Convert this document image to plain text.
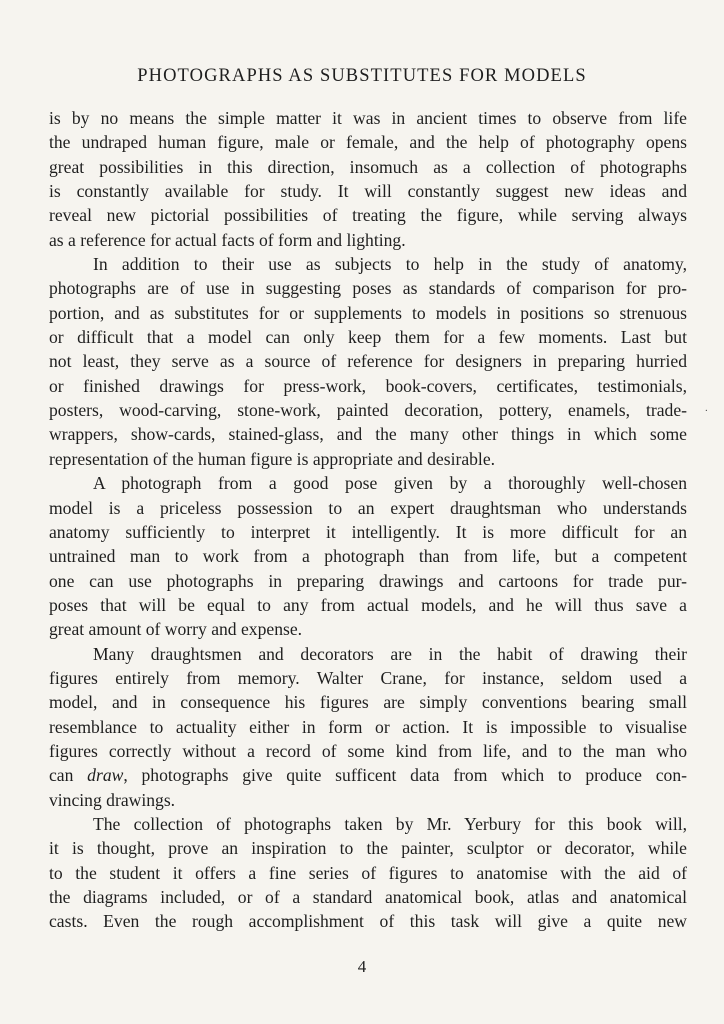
PHOTOGRAPHS AS SUBSTITUTES FOR MODELS

is by no means the simple matter it was in ancient times to observe from life
the undraped human figure, male or female, and the help of photography opens
great possibilities in this direction, insomuch as a collection of photographs
is constantly available for study. It will constantly suggest new ideas and
reveal new pictorial possibilities of treating the figure, while serving always
as a reference for actual facts of form and lighting.

In addition to their use as subjects to help in the study of anatomy,
photographs are of use in suggesting poses as standards of comparison for pro-
portion, and as substitutes for or supplements to models in positions so strenuous
or difficult that a model can only keep them for a few moments. Last but
not least, they serve as a source of reference for designers in preparing hurried
or finished drawings for press-work, book-covers, certificates, testimonials,
posters, wood-carving, stone-work, painted decoration, pottery, enamels, trade-
wrappers, show-cards, stained-glass, and the many other things in which some
representation of the human figure is appropriate and desirable.

A photograph from a good pose given by a thoroughly well-chosen
model is a priceless possession to an expert draughtsman who understands
anatomy sufficiently to interpret it intelligently. It is more difficult for an
untrained man to work from a photograph than from life, but a competent
one can use photographs in preparing drawings and cartoons for trade pur-
poses that will be equal to any from actual models, and he will thus save a
great amount of worry and expense.

Many draughtsmen and decorators are in the habit of drawing their
figures entirely from memory. Walter Crane, for instance, seldom used a
model, and in consequence his figures are simply conventions bearing small
resemblance to actuality either in form or action. It is impossible to visualise
figures correctly without a record of some kind from life, and to the man who
can draw, photographs give quite sufficent data from which to produce con-
vincing drawings.

The collection of photographs taken by Mr. Yerbury for this book will,
it is thought, prove an inspiration to the painter, sculptor or decorator, while
to the student it offers a fine series of figures to anatomise with the aid of
the diagrams included, or of a standard anatomical book, atlas and anatomical
casts. Even the rough accomplishment of this task will give a quite new

.
4
